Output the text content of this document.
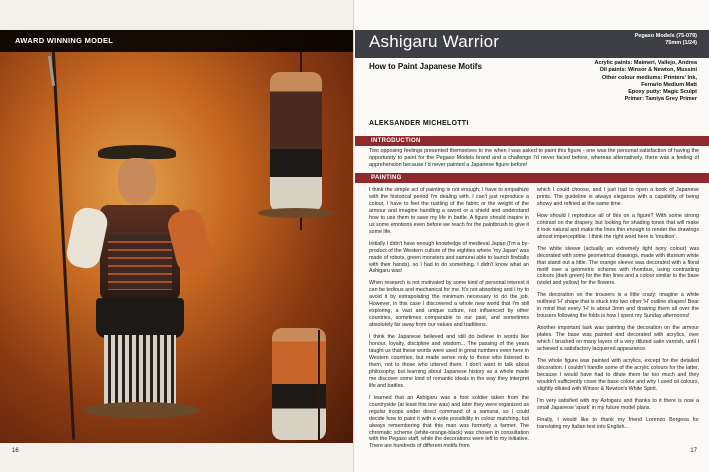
AWARD WINNING MODEL
16
Ashigaru Warrior	Pegaso Models (75-079)
75mm (1/24)
How to Paint Japanese Motifs	Acrylic paints: Maimeri, Vallejo, Andrea
Oil paints: Winsor & Newton, Mussini
Other colour mediums: Printers' Ink,
Ferrario Medium Matt
Epoxy putty: Magic Sculpt
Primer: Tamiya Grey Primer
ALEKSANDER MICHELOTTI
INTRODUCTION
Two opposing feelings presented themselves to me when I was asked to paint this figure - one was the personal satisfaction of having the opportunity to paint for the Pegaso Models brand and a challenge I'd never faced before, whereas alternatively, there was a feeling of apprehension because I'd never painted a Japanese figure before!
PAINTING

I think the simple act of painting is not enough; I have to empathize with the historical period I'm dealing with. I can't just reproduce a colour, I have to feel the rustling of the fabric or the weight of the armour and imagine handling a sword or a shield and understand how to use them to save my life in battle. A figure should inspire in us some emotions even before we reach for the paintbrush to give it some life.

Initially I didn't have enough knowledge of medieval Japan (I'm a by-product of the Western culture of the eighties where 'my Japan' was made of robots, green monsters and samurai able to launch fireballs with their hands), so I had to do something. I didn't know what an Ashigaru was!

When research is not motivated by some kind of personal interest it can be tedious and mechanical for me. It's not absorbing and I try to avoid it by extrapolating the minimum necessary to do the job. However, in this case I discovered a whole new world that I'm still exploring, a vast and unique culture, not influenced by other countries, sometimes comparable to our past, and sometimes absolutely far away from our values and traditions.

I think the Japanese believed and still do believe in words like honour, loyalty, discipline and wisdom... The passing of the years taught us that these words were used in great numbers even here in Western countries, but made sense only to those who listened to them, not to those who uttered them. I don't want to talk about philosophy, but learning about Japanese history as a whole made me discover some kind of romantic ideals in the way they interpret life and battles.

I learned that an Ashigaru was a foot soldier taken from the countryside (at least this one was) and later they were organized as regular troops under direct command of a samurai, so I could decide how to paint it with a wide possibility in colour matching, but always remembering that this man was formerly a farmer. The chromatic scheme (white-orange-black) was chosen in consultation with the Pegaso staff, while the decorations were left to my initiative. There are hundreds of different motifs from

which I could choose, and I just had to open a book of Japanese prints. The guideline is always elegance with a capability of being showy and refined at the same time.

How should I reproduce all of this on a figure? With some strong contrast on the drapery, but looking for shading tones that will make it look natural and make the lines thin enough to render the drawings almost imperceptible. I think the right word here is 'intuition'.

The white sleeve (actually an extremely light ivory colour) was decorated with some geometrical drawings, made with titanium white that stand out a little. The orange sleeve was decorated with a floral motif over a geometric scheme with rhombus, using contrasting colours (dark green) for the thin lines and a colour similar to the base (violet and yellow) for the flowers.

The decoration on the trousers is a little crazy: imagine a white outlined 'H' shape that is stuck into two other 'H' outline shapes! Bear in mind that every 'H' is about 3mm and drawing them all over the trousers following the folds is how I spent my Sunday afternoons!

Another important task was painting the decoration on the armour plates. The base was painted and decorated with acrylics, over which I brushed on many layers of a very diluted satin varnish, until I achieved a satisfactory lacquered appearance.

The whole figure was painted with acrylics, except for the detailed decoration. I couldn't handle some of the acrylic colours for the latter, because I would have had to dilute them far too much and they wouldn't sufficiently cover the base colour and why I used oil colours, slightly diluted with Winsor & Newton's White Spirit.

I'm very satisfied with my Ashigaru and thanks to it there is now a small Japanese 'spark' in my future model plans.

Finally, I would like to thank my friend Lorenzo Borgesa for translating my Italian text into English...

17
